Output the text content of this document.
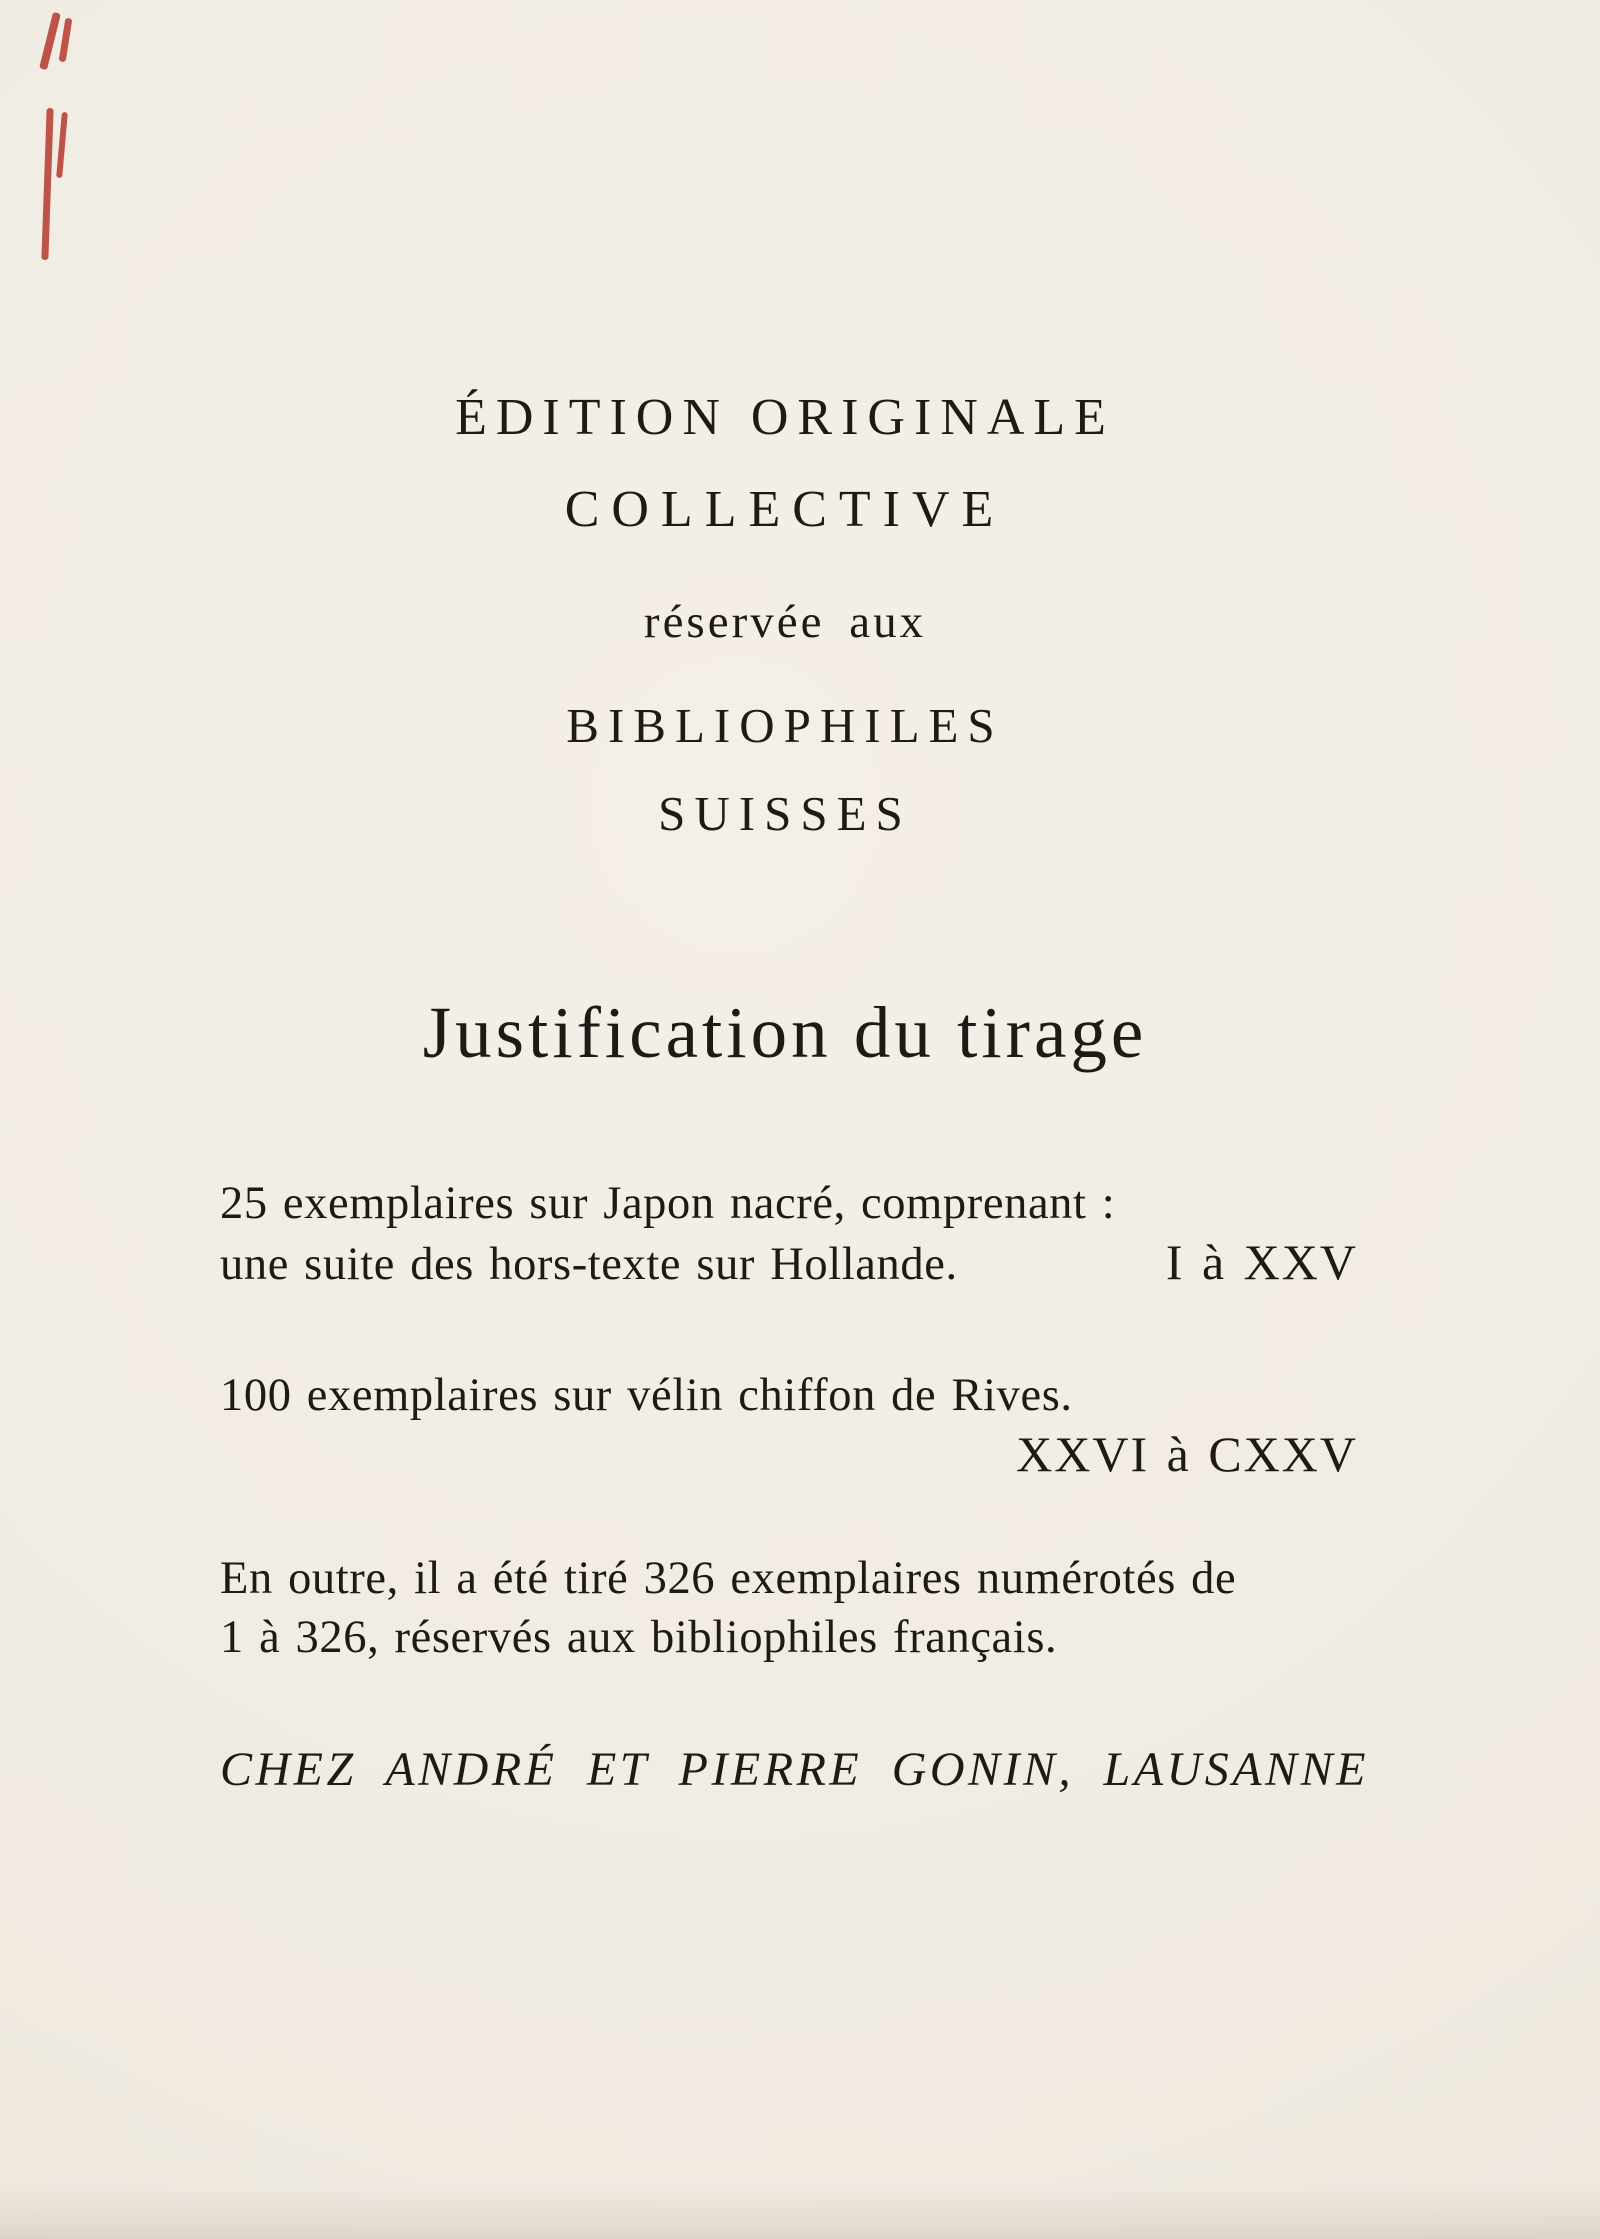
ÉDITION ORIGINALE
COLLECTIVE
réservée aux
BIBLIOPHILES
SUISSES
Justification du tirage
25 exemplaires sur Japon nacré, comprenant :
une suite des hors-texte sur Hollande.	I à XXV
100 exemplaires sur vélin chiffon de Rives.
XXVI à CXXV
En outre, il a été tiré 326 exemplaires numérotés de
1 à 326, réservés aux bibliophiles français.
CHEZ ANDRÉ ET PIERRE GONIN, LAUSANNE
